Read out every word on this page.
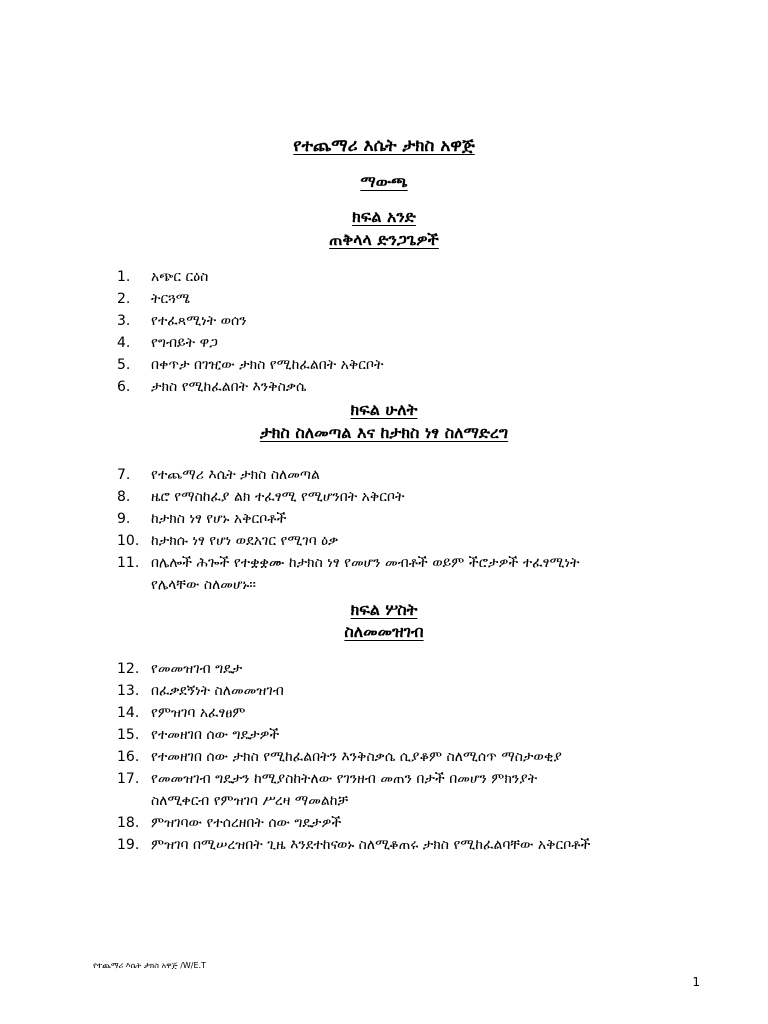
የተጨማሪ እሴት ታክስ አዋጅ
ማውጫ
ክፍል አንድ
ጠቅላላ ድንጋጌዎች
1.	አጭር ርዕስ
2.	ትርጓሜ
3.	የተፈጻሚነት ወሰን
4.	የግብይት ዋጋ
5.	በቀጥታ በገዢው ታክስ የሚከፈልበት አቅርቦት
6.	ታክስ የሚከፈልበት እንቅስቃሴ
ክፍል ሁለት
ታክስ ስለመጣል እና ከታክስ ነፃ ስለማድረግ
7.	የተጨማሪ እሴት ታክስ ስለመጣል
8.	ዜሮ የማስከፈያ ልክ ተፈፃሚ የሚሆንበት አቅርቦት
9.	ከታክስ ነፃ የሆኑ አቅርቦቶች
10. ከታክሱ ነፃ የሆነ ወደአገር የሚገባ ዕቃ
11. በሌሎች ሕጐች የተቋቋሙ ከታክስ ነፃ የመሆን መብቶች ወይም ችሮታዎች ተፈፃሚነት
የሌላቸው ስለመሆኑ፡፡
ክፍል ሦስት
ስለመመዝገብ
12. የመመዝገብ ግዴታ
13. በፈቃደኝነት ስለመመዝገብ
14. የምዝገባ አፈፃፀም
15. የተመዘገበ ሰው ግዴታዎች
16. የተመዘገበ ሰው ታክስ የሚከፈልበትን እንቅስቃሴ ሲያቆም ስለሚሰጥ ማስታወቂያ
17. የመመዝገብ ግዴታን ከሚያስከትለው የገንዘብ መጠን በታች በመሆን ምክንያት
ስለሚቀርብ የምዝገባ ሥረዛ ማመልከቻ
18. ምዝገባው የተሰረዘበት ሰው ግዴታዎች
19. ምዝገባ በሚሠረዝበት ጊዜ እንደተከናወኑ ስለሚቆጠሩ ታክስ የሚከፈልባቸው አቅርቦቶች
የተጨማሪ እሴት ታክስ አዋጅ /W/E.T
1
